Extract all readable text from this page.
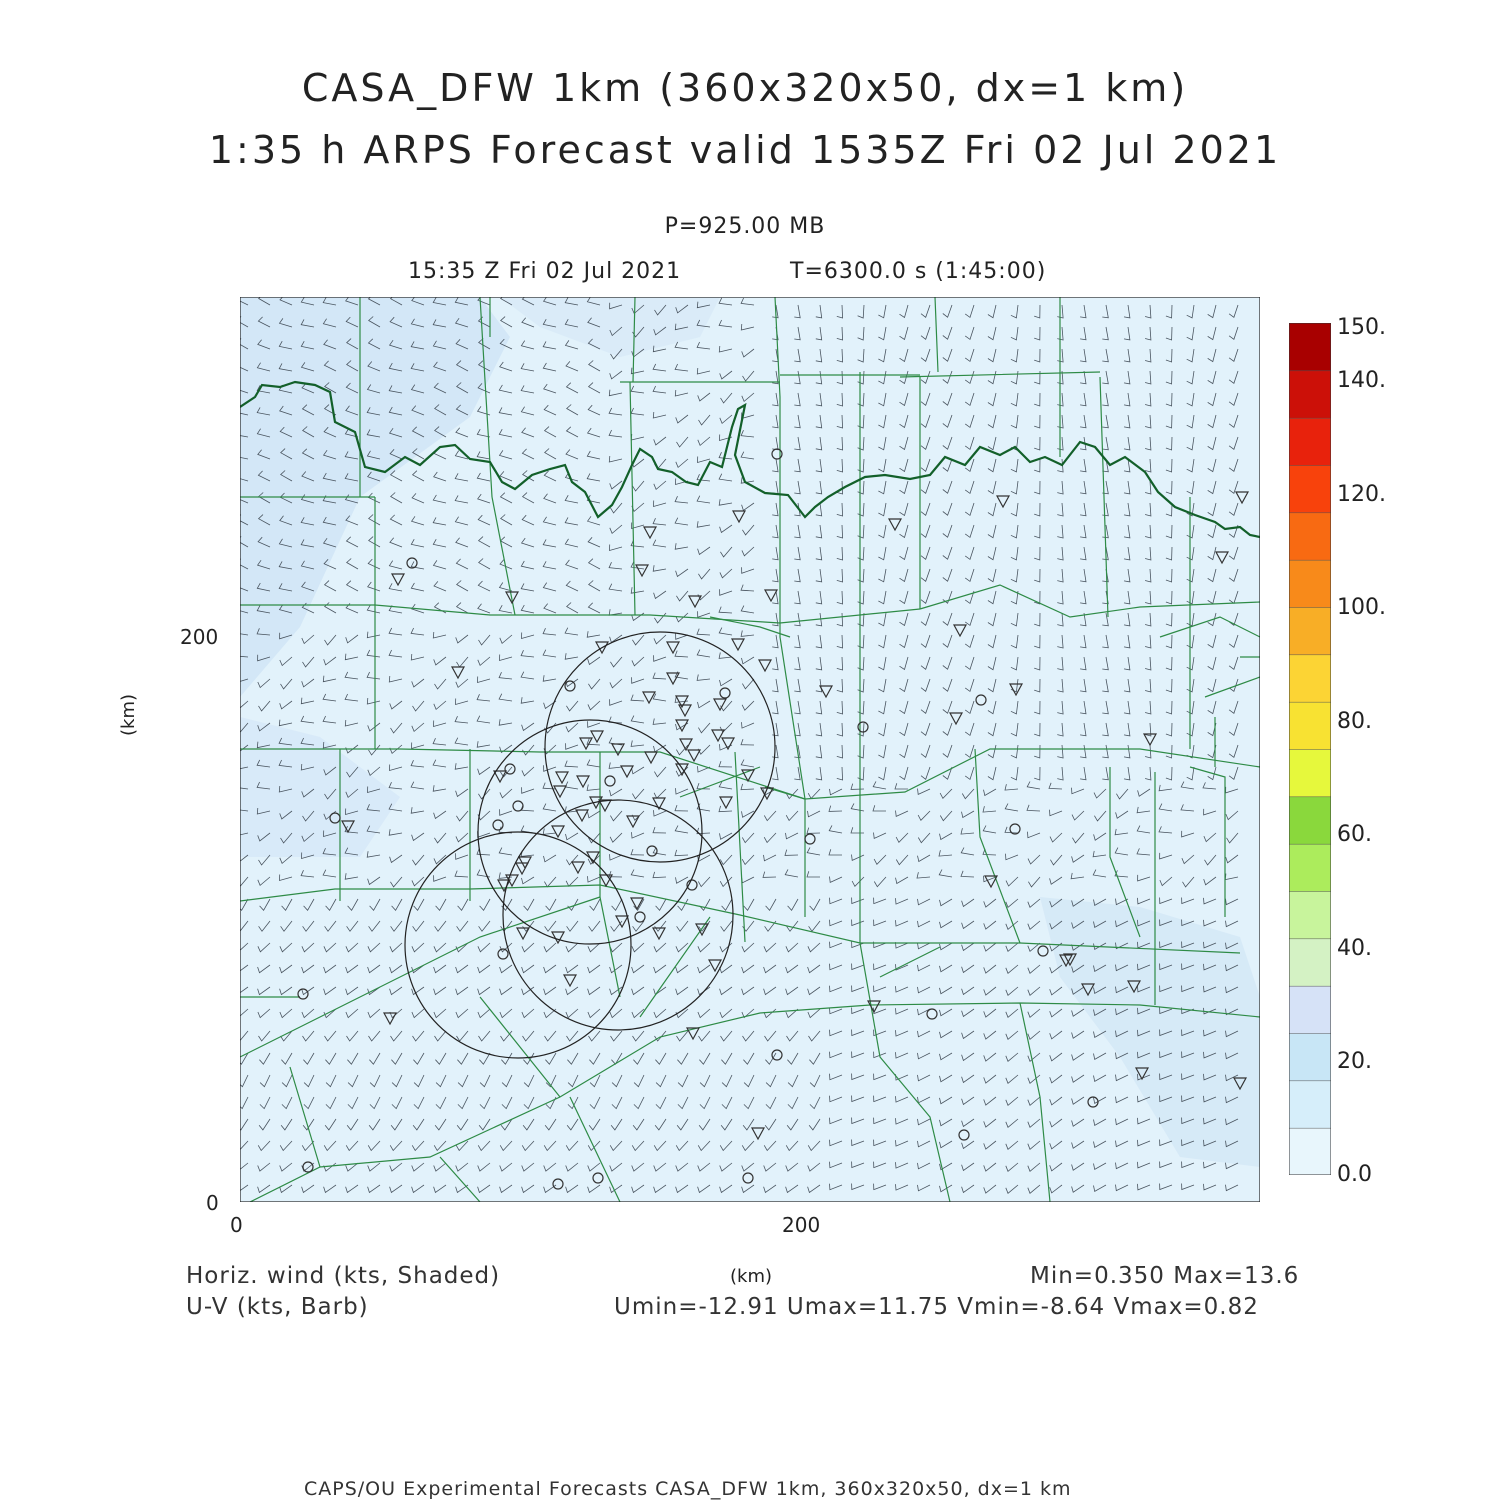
CASA_DFW 1km (360x320x50, dx=1 km)
1:35 h ARPS Forecast valid 1535Z Fri 02 Jul 2021
P=925.00 MB
15:35 Z Fri 02 Jul 2021	T=6300.0 s (1:45:00)
(km)
200
0
0	200
(km)
150.
140.
120.
100.
80.
60.
40.
20.
0.0
Horiz. wind (kts, Shaded)
U-V (kts, Barb)
Min=0.350 Max=13.6
Umin=-12.91 Umax=11.75 Vmin=-8.64 Vmax=0.82
CAPS/OU Experimental Forecasts CASA_DFW 1km, 360x320x50, dx=1 km
